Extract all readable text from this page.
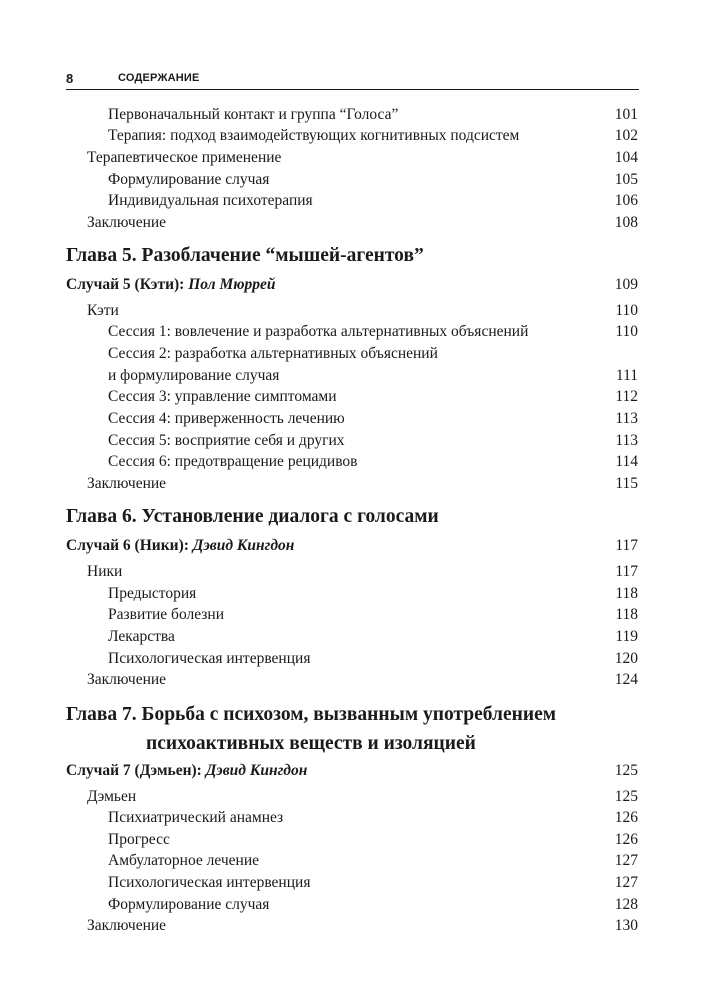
8	СОДЕРЖАНИЕ
Первоначальный контакт и группа “Голоса”	101
Терапия: подход взаимодействующих когнитивных подсистем	102
Терапевтическое применение	104
Формулирование случая	105
Индивидуальная психотерапия	106
Заключение	108
Глава 5. Разоблачение “мышей-агентов”
Случай 5 (Кэти): Пол Мюррей	109
Кэти	110
Сессия 1: вовлечение и разработка альтернативных объяснений	110
Сессия 2: разработка альтернативных объяснений
и формулирование случая	111
Сессия 3: управление симптомами	112
Сессия 4: приверженность лечению	113
Сессия 5: восприятие себя и других	113
Сессия 6: предотвращение рецидивов	114
Заключение	115
Глава 6. Установление диалога с голосами
Случай 6 (Ники): Дэвид Кингдон	117
Ники	117
Предыстория	118
Развитие болезни	118
Лекарства	119
Психологическая интервенция	120
Заключение	124
Глава 7. Борьба с психозом, вызванным употреблением
психоактивных веществ и изоляцией
Случай 7 (Дэмьен): Дэвид Кингдон	125
Дэмьен	125
Психиатрический анамнез	126
Прогресс	126
Амбулаторное лечение	127
Психологическая интервенция	127
Формулирование случая	128
Заключение	130
